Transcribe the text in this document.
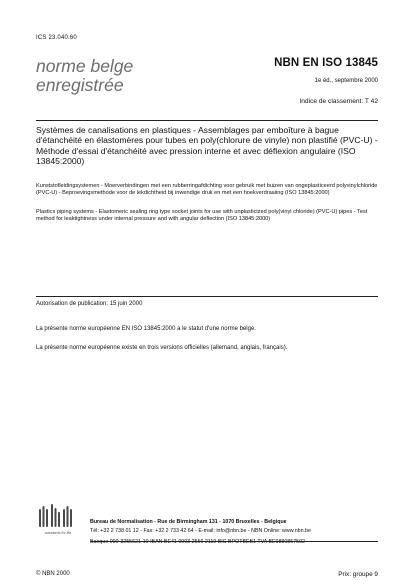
ICS 23.040.60
norme belge
enregistrée
NBN EN ISO 13845
1e éd., septembre 2000
Indice de classement: T 42
Systèmes de canalisations en plastiques - Assemblages par emboîture à bague d'étanchéité en élastomères pour tubes en poly(chlorure de vinyle) non plastifié (PVC-U) - Méthode d'essai d'étanchéité avec pression interne et avec déflexion angulaire (ISO 13845:2000)
Kunststofleidingsystemen - Moerverbindingen met een rubberringafdichting voor gebruik met buizen van ongeplasticeerd polyvinylchloride (PVC-U) - Beproevingsmethode voor de lekdichtheid bij inwendige druk en met een hoekverdraaiing (ISO 13845:2000)
Plastics piping systems - Elastomeric sealing ring type socket joints for use with unplasticized poly(vinyl chloride) (PVC-U) pipes - Test method for leaktightness under internal pressure and with angular deflection (ISO 13845:2000)
Autorisation de publication: 15 juin 2000
La présente norme européenne EN ISO 13845:2000 a le statut d'une norme belge.
La présente norme européenne existe en trois versions officielles (allemand, anglais, français).
standards for life
Bureau de Normalisation - Rue de Birmingham 131 - 1070 Bruxelles - Belgique
Tél: +32 2 738 01 12 - Fax: +32 2 733 42 64 - E-mail: info@nbn.be - NBN Online: www.nbn.be
Banque 000-3255621-10 IBAN BE41 0003 2556 2110 BIC BPOTBEB1 TVA BE0880857592
© NBN 2000	Prix: groupe 9
